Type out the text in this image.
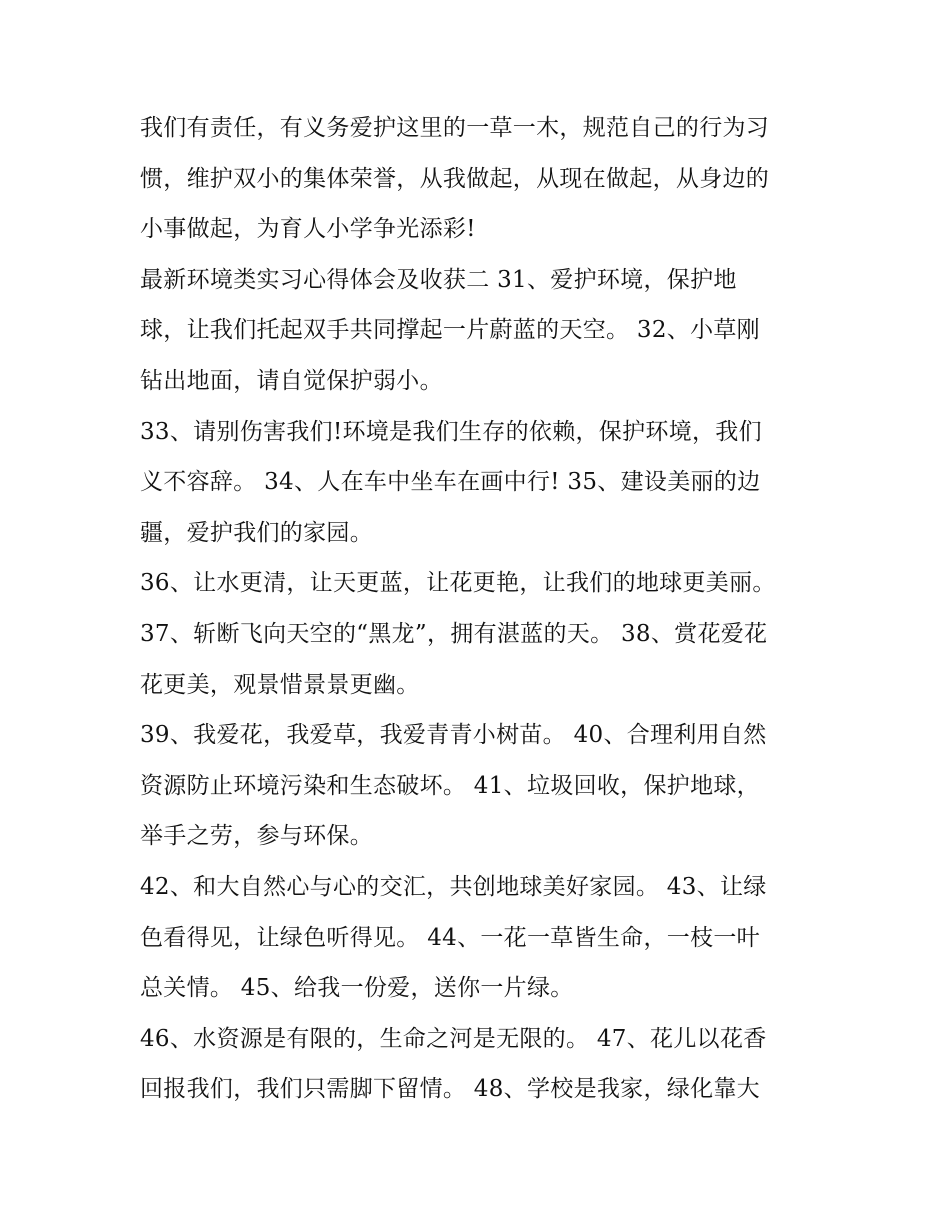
我们有责任，有义务爱护这里的一草一木，规范自己的行为习
惯，维护双小的集体荣誉，从我做起，从现在做起，从身边的
小事做起，为育人小学争光添彩!

最新环境类实习心得体会及收获二 31、爱护环境，保护地
球，让我们托起双手共同撑起一片蔚蓝的天空。 32、小草刚
钻出地面，请自觉保护弱小。

33、请别伤害我们!环境是我们生存的依赖，保护环境，我们
义不容辞。 34、人在车中坐车在画中行! 35、建设美丽的边
疆，爱护我们的家园。

36、让水更清，让天更蓝，让花更艳，让我们的地球更美丽。

37、斩断飞向天空的“黑龙”，拥有湛蓝的天。 38、赏花爱花
花更美，观景惜景景更幽。

39、我爱花，我爱草，我爱青青小树苗。 40、合理利用自然
资源防止环境污染和生态破坏。 41、垃圾回收，保护地球，
举手之劳，参与环保。

42、和大自然心与心的交汇，共创地球美好家园。 43、让绿
色看得见，让绿色听得见。 44、一花一草皆生命，一枝一叶
总关情。 45、给我一份爱，送你一片绿。

46、水资源是有限的，生命之河是无限的。 47、花儿以花香
回报我们，我们只需脚下留情。 48、学校是我家，绿化靠大
